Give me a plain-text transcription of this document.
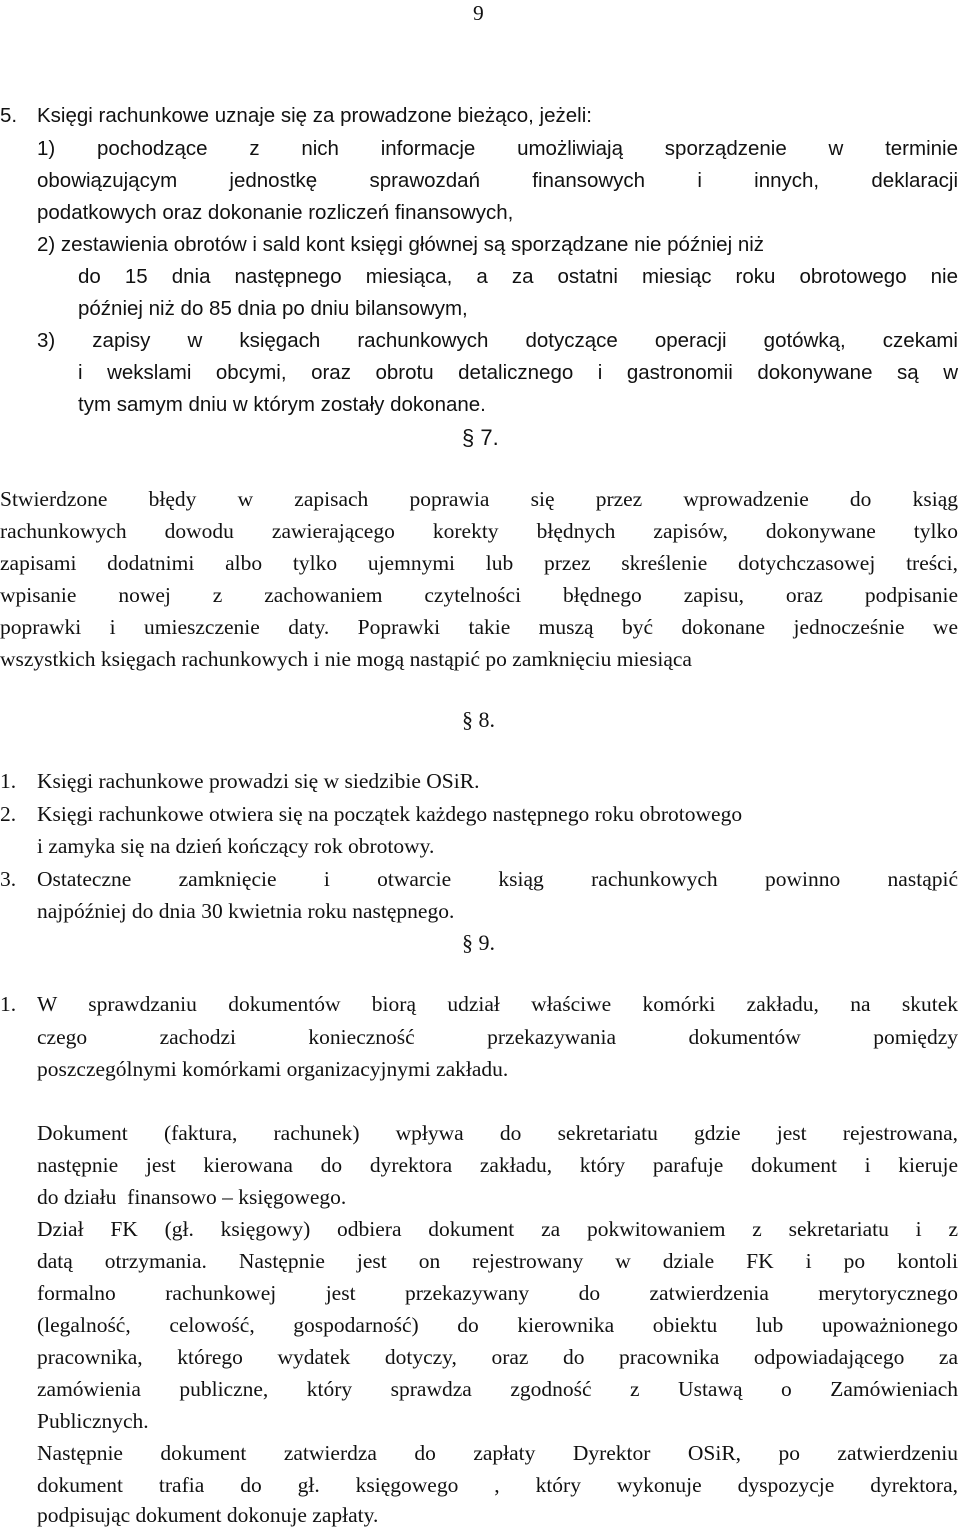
9
5. Księgi rachunkowe uznaje się za prowadzone bieżąco, jeżeli:
1) pochodzące z nich informacje umożliwiają sporządzenie w terminie
obowiązującym jednostkę sprawozdań finansowych i innych, deklaracji
podatkowych oraz dokonanie rozliczeń finansowych,
2) zestawienia obrotów i sald kont księgi głównej są sporządzane nie później niż
do 15 dnia następnego miesiąca, a za ostatni miesiąc roku obrotowego nie
później niż do 85 dnia po dniu bilansowym,
3) zapisy w księgach rachunkowych dotyczące operacji gotówką, czekami
i wekslami obcymi, oraz obrotu detalicznego i gastronomii dokonywane są w
tym samym dniu w którym zostały dokonane.
§ 7.
Stwierdzone błędy w zapisach poprawia się przez wprowadzenie do ksiąg
rachunkowych dowodu zawierającego korekty błędnych zapisów, dokonywane tylko
zapisami dodatnimi albo tylko ujemnymi lub przez skreślenie dotychczasowej treści,
wpisanie nowej z zachowaniem czytelności błędnego zapisu, oraz podpisanie
poprawki i umieszczenie daty. Poprawki takie muszą być dokonane jednocześnie we
wszystkich księgach rachunkowych i nie mogą nastąpić po zamknięciu miesiąca
§ 8.
1. Księgi rachunkowe prowadzi się w siedzibie OSiR.
2. Księgi rachunkowe otwiera się na początek każdego następnego roku obrotowego
i zamyka się na dzień kończący rok obrotowy.
3. Ostateczne zamknięcie i otwarcie ksiąg rachunkowych powinno nastąpić
najpóźniej do dnia 30 kwietnia roku następnego.
§ 9.
1. W sprawdzaniu dokumentów biorą udział właściwe komórki zakładu, na skutek
czego zachodzi konieczność przekazywania dokumentów pomiędzy
poszczególnymi komórkami organizacyjnymi zakładu.
Dokument (faktura, rachunek) wpływa do sekretariatu gdzie jest rejestrowana,
następnie jest kierowana do dyrektora zakładu, który parafuje dokument i kieruje
do działu  finansowo – księgowego.
Dział FK (gł. księgowy) odbiera dokument za pokwitowaniem z sekretariatu i z
datą otrzymania. Następnie jest on rejestrowany w dziale FK i po kontoli
formalno rachunkowej jest przekazywany do zatwierdzenia merytorycznego
(legalność, celowość, gospodarność) do kierownika obiektu lub upoważnionego
pracownika, którego wydatek dotyczy, oraz do pracownika odpowiadającego za
zamówienia publiczne, który sprawdza zgodność z Ustawą o Zamówieniach
Publicznych.
Następnie dokument zatwierdza do zapłaty Dyrektor OSiR, po zatwierdzeniu
dokument trafia do gł. księgowego , który wykonuje dyspozycje dyrektora,
podpisując dokument dokonuje zapłaty.
